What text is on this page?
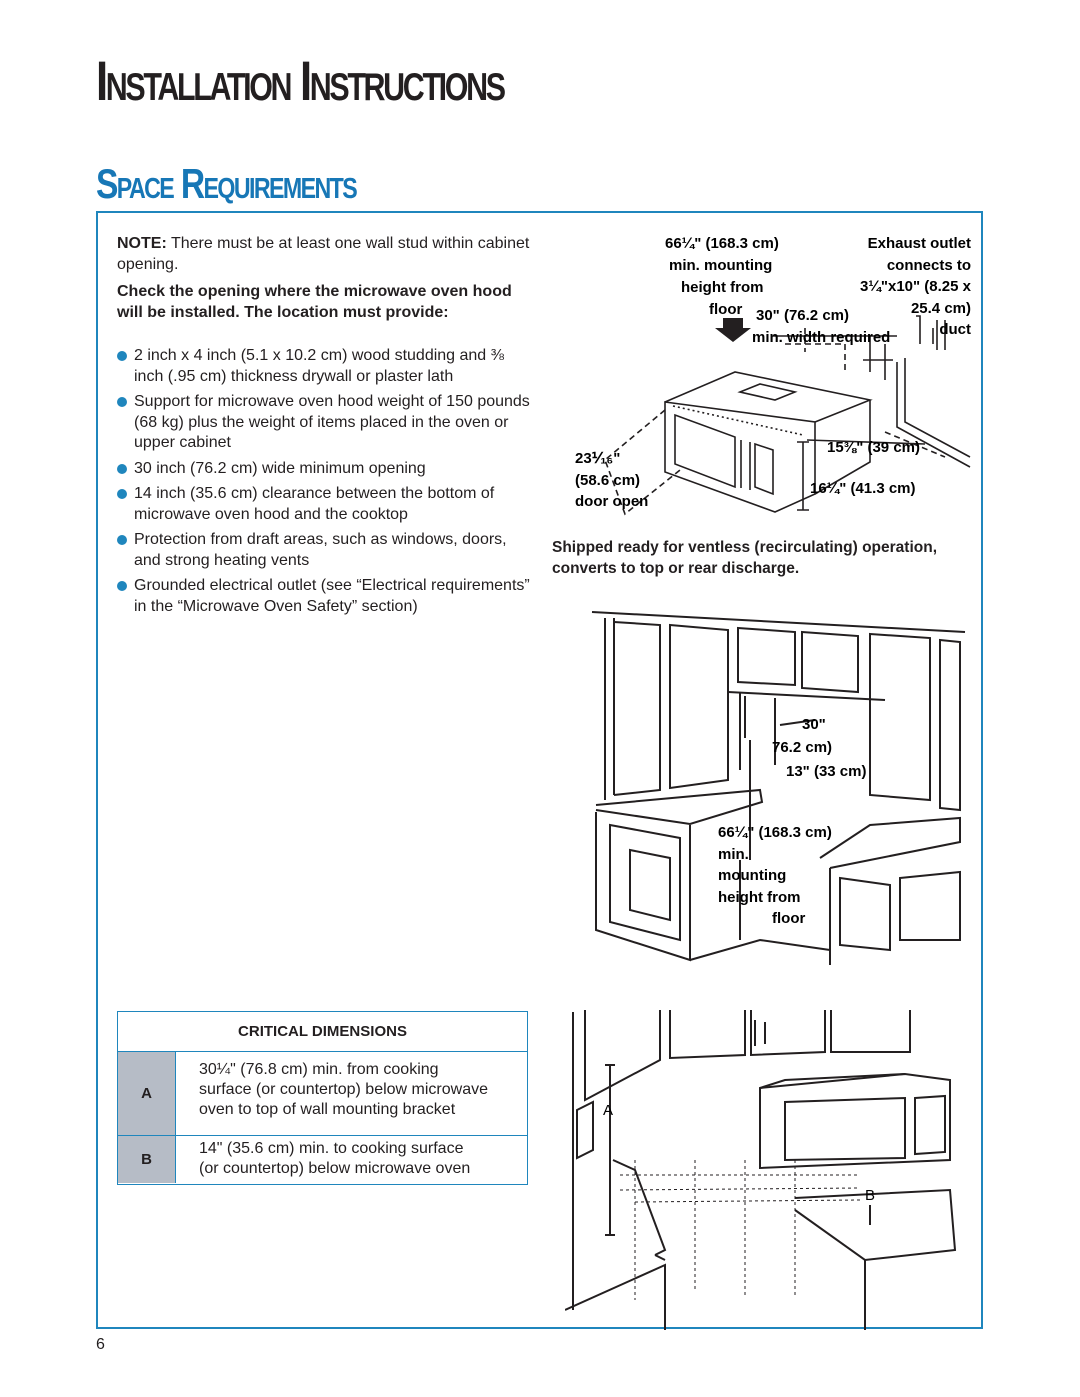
Installation Instructions
Space Requirements
NOTE: There must be at least one wall stud within cabinet opening.
Check the opening where the microwave oven hood will be installed. The location must provide:
2 inch x 4 inch (5.1 x 10.2 cm) wood studding and ⅜ inch (.95 cm) thickness drywall or plaster lath
Support for microwave oven hood weight of 150 pounds (68 kg) plus the weight of items placed in the oven or upper cabinet
30 inch (76.2 cm) wide minimum opening
14 inch (35.6 cm) clearance between the bottom of microwave oven hood and the cooktop
Protection from draft areas, such as windows, doors, and strong heating vents
Grounded electrical outlet (see “Electrical requirements” in the “Microwave Oven Safety” section)
66¼" (168.3 cm)
min. mounting
height from
floor 30" (76.2 cm)
min. width required
Exhaust outlet
connects to
3¼"x10" (8.25 x
25.4 cm)
duct
23⅟₁₆"
(58.6 cm)
door open
15⅜" (39 cm)
16¼" (41.3 cm)
Shipped ready for ventless (recirculating) operation, converts to top or rear discharge.
30"
76.2 cm)
13" (33 cm)
66¼" (168.3 cm)
min.
mounting
height from
floor
CRITICAL DIMENSIONS
A
30¼" (76.8 cm) min. from cooking
surface (or countertop) below microwave
oven to top of wall mounting bracket
B
14" (35.6 cm) min. to cooking surface
(or countertop) below microwave oven
A
B
6
